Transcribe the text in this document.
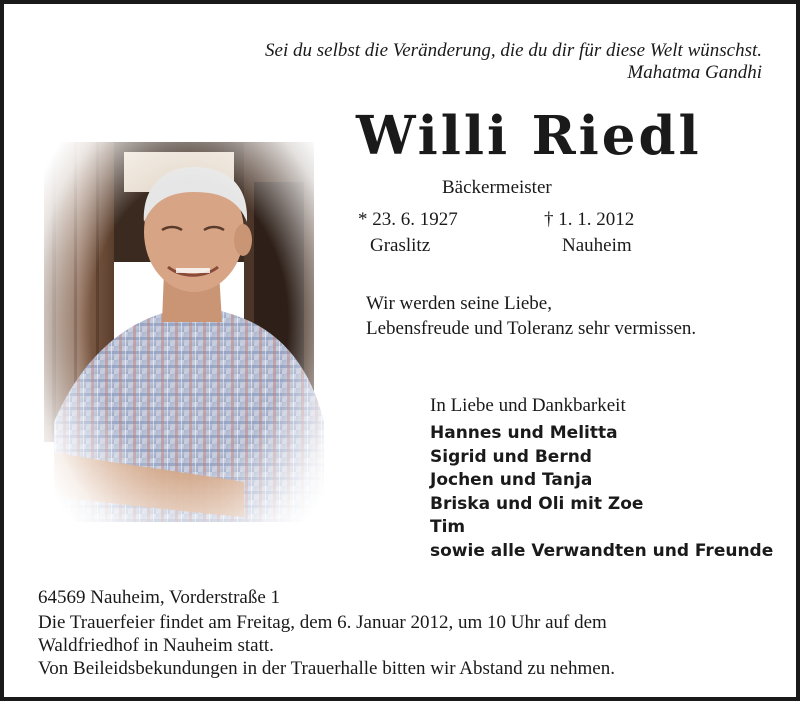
Sei du selbst die Veränderung, die du dir für diese Welt wünschst.
Mahatma Gandhi
Willi Riedl
Bäckermeister
* 23. 6. 1927
Graslitz
† 1. 1. 2012
Nauheim
Wir werden seine Liebe,
Lebensfreude und Toleranz sehr vermissen.
In Liebe und Dankbarkeit
Hannes und Melitta
Sigrid und Bernd
Jochen und Tanja
Briska und Oli mit Zoe
Tim
sowie alle Verwandten und Freunde
64569 Nauheim, Vorderstraße 1
Die Trauerfeier findet am Freitag, dem 6. Januar 2012, um 10 Uhr auf dem
Waldfriedhof in Nauheim statt.
Von Beileidsbekundungen in der Trauerhalle bitten wir Abstand zu nehmen.
